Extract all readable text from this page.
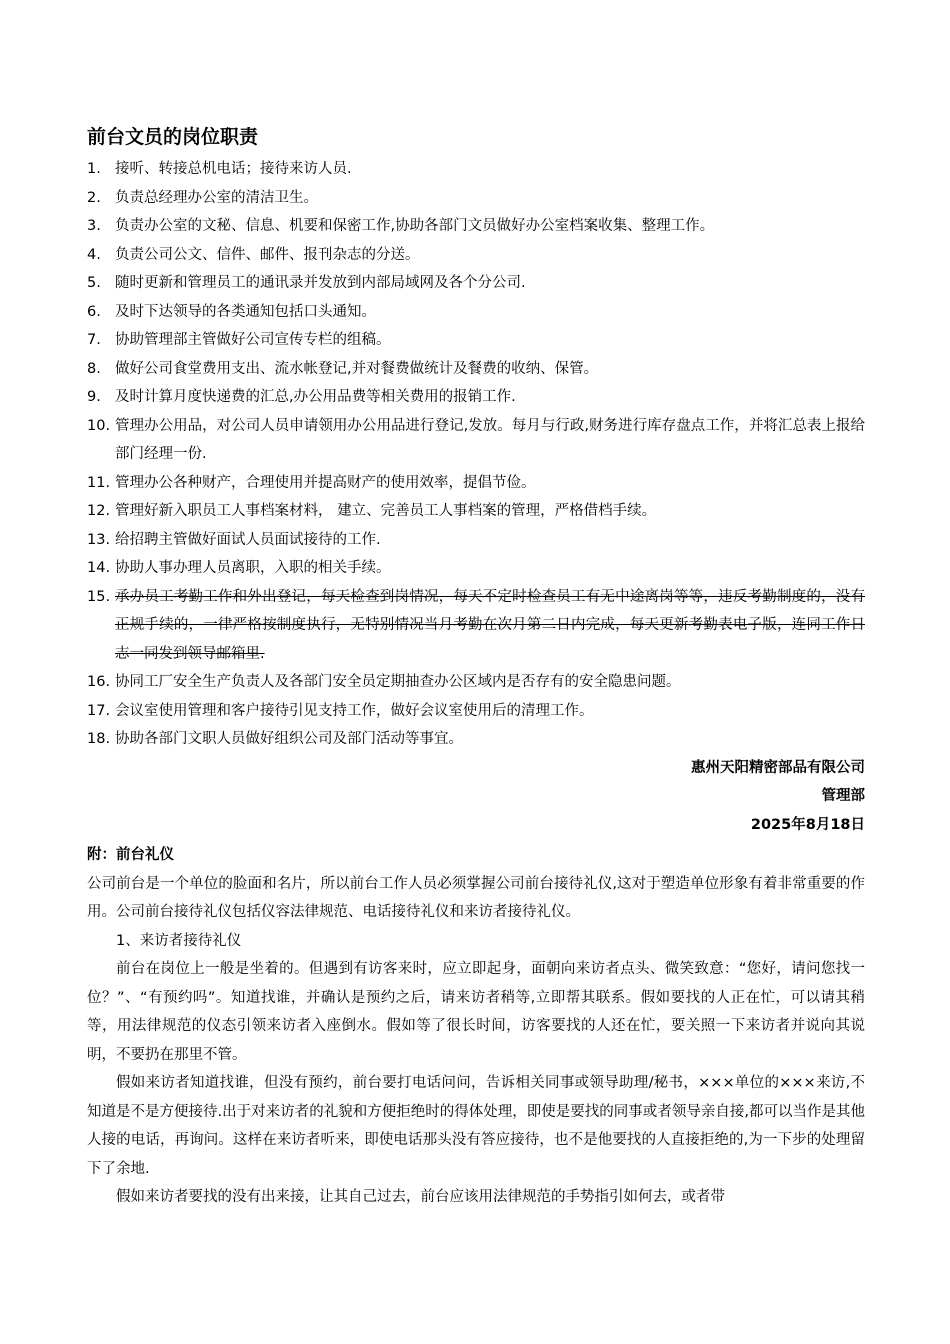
前台文员的岗位职责
1. 接听、转接总机电话；接待来访人员.
2. 负责总经理办公室的清洁卫生。
3. 负责办公室的文秘、信息、机要和保密工作,协助各部门文员做好办公室档案收集、整理工作。
4. 负责公司公文、信件、邮件、报刊杂志的分送。
5. 随时更新和管理员工的通讯录并发放到内部局域网及各个分公司.
6. 及时下达领导的各类通知包括口头通知。
7. 协助管理部主管做好公司宣传专栏的组稿。
8. 做好公司食堂费用支出、流水帐登记,并对餐费做统计及餐费的收纳、保管。
9. 及时计算月度快递费的汇总,办公用品费等相关费用的报销工作.
10. 管理办公用品，对公司人员申请领用办公用品进行登记,发放。每月与行政,财务进行库存盘点工作，并将汇总表上报给部门经理一份.
11. 管理办公各种财产，合理使用并提高财产的使用效率，提倡节俭。
12. 管理好新入职员工人事档案材料， 建立、完善员工人事档案的管理，严格借档手续。
13. 给招聘主管做好面试人员面试接待的工作.
14. 协助人事办理人员离职，入职的相关手续。
15. 承办员工考勤工作和外出登记，每天检查到岗情况，每天不定时检查员工有无中途离岗等等，违反考勤制度的，没有正规手续的，一律严格按制度执行，无特别情况当月考勤在次月第二日内完成，每天更新考勤表电子版，连同工作日志一同发到领导邮箱里.
16. 协同工厂安全生产负责人及各部门安全员定期抽查办公区域内是否存有的安全隐患问题。
17. 会议室使用管理和客户接待引见支持工作，做好会议室使用后的清理工作。
18. 协助各部门文职人员做好组织公司及部门活动等事宜。
惠州天阳精密部品有限公司
管理部
2025年8月18日
附：前台礼仪

公司前台是一个单位的脸面和名片，所以前台工作人员必须掌握公司前台接待礼仪,这对于塑造单位形象有着非常重要的作用。公司前台接待礼仪包括仪容法律规范、电话接待礼仪和来访者接待礼仪。

1、来访者接待礼仪

前台在岗位上一般是坐着的。但遇到有访客来时，应立即起身，面朝向来访者点头、微笑致意：“您好，请问您找一位？”、“有预约吗”。知道找谁，并确认是预约之后，请来访者稍等,立即帮其联系。假如要找的人正在忙，可以请其稍等，用法律规范的仪态引领来访者入座倒水。假如等了很长时间，访客要找的人还在忙，要关照一下来访者并说向其说明，不要扔在那里不管。

假如来访者知道找谁，但没有预约，前台要打电话问问，告诉相关同事或领导助理/秘书，×××单位的×××来访,不知道是不是方便接待.出于对来访者的礼貌和方便拒绝时的得体处理，即使是要找的同事或者领导亲自接,都可以当作是其他人接的电话，再询问。这样在来访者听来，即使电话那头没有答应接待，也不是他要找的人直接拒绝的,为一下步的处理留下了余地.

假如来访者要找的没有出来接，让其自己过去，前台应该用法律规范的手势指引如何去，或者带
